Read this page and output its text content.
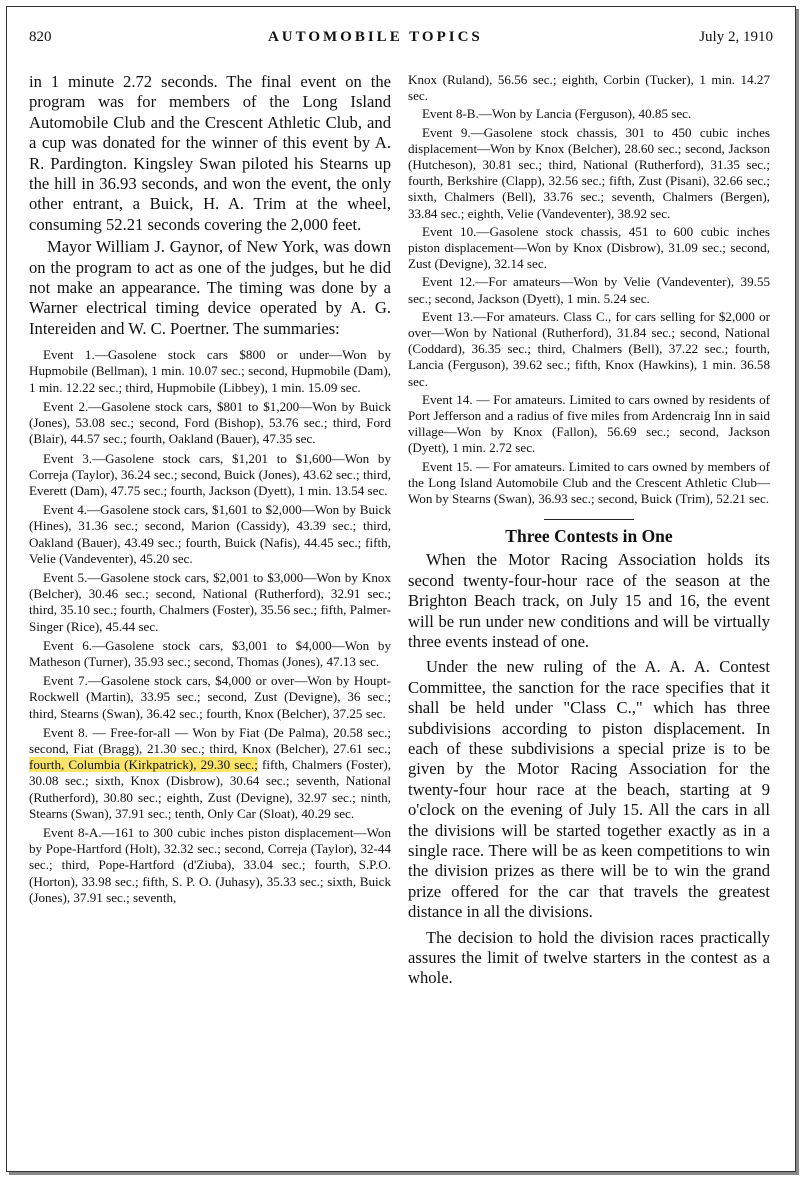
820	AUTOMOBILE TOPICS	July 2, 1910

in 1 minute 2.72 seconds. The final event on the program was for members of the Long Island Automobile Club and the Crescent Athletic Club, and a cup was donated for the winner of this event by A. R. Pardington. Kingsley Swan piloted his Stearns up the hill in 36.93 seconds, and won the event, the only other entrant, a Buick, H. A. Trim at the wheel, consuming 52.21 seconds covering the 2,000 feet.

Mayor William J. Gaynor, of New York, was down on the program to act as one of the judges, but he did not make an appearance. The timing was done by a Warner electrical timing device operated by A. G. Intereiden and W. C. Poertner. The summaries:

Event 1.—Gasolene stock cars $800 or under—Won by Hupmobile (Bellman), 1 min. 10.07 sec.; second, Hupmobile (Dam), 1 min. 12.22 sec.; third, Hupmobile (Libbey), 1 min. 15.09 sec.

Event 2.—Gasolene stock cars, $801 to $1,200—Won by Buick (Jones), 53.08 sec.; second, Ford (Bishop), 53.76 sec.; third, Ford (Blair), 44.57 sec.; fourth, Oakland (Bauer), 47.35 sec.

Event 3.—Gasolene stock cars, $1,201 to $1,600—Won by Correja (Taylor), 36.24 sec.; second, Buick (Jones), 43.62 sec.; third, Everett (Dam), 47.75 sec.; fourth, Jackson (Dyett), 1 min. 13.54 sec.

Event 4.—Gasolene stock cars, $1,601 to $2,000—Won by Buick (Hines), 31.36 sec.; second, Marion (Cassidy), 43.39 sec.; third, Oakland (Bauer), 43.49 sec.; fourth, Buick (Nafis), 44.45 sec.; fifth, Velie (Vandeventer), 45.20 sec.

Event 5.—Gasolene stock cars, $2,001 to $3,000—Won by Knox (Belcher), 30.46 sec.; second, National (Rutherford), 32.91 sec.; third, 35.10 sec.; fourth, Chalmers (Foster), 35.56 sec.; fifth, Palmer-Singer (Rice), 45.44 sec.

Event 6.—Gasolene stock cars, $3,001 to $4,000—Won by Matheson (Turner), 35.93 sec.; second, Thomas (Jones), 47.13 sec.

Event 7.—Gasolene stock cars, $4,000 or over—Won by Houpt-Rockwell (Martin), 33.95 sec.; second, Zust (Devigne), 36 sec.; third, Stearns (Swan), 36.42 sec.; fourth, Knox (Belcher), 37.25 sec.

Event 8. — Free-for-all — Won by Fiat (De Palma), 20.58 sec.; second, Fiat (Bragg), 21.30 sec.; third, Knox (Belcher), 27.61 sec.; fourth, Columbia (Kirkpatrick), 29.30 sec.; fifth, Chalmers (Foster), 30.08 sec.; sixth, Knox (Disbrow), 30.64 sec.; seventh, National (Rutherford), 30.80 sec.; eighth, Zust (Devigne), 32.97 sec.; ninth, Stearns (Swan), 37.91 sec.; tenth, Only Car (Sloat), 40.29 sec.

Event 8-A.—161 to 300 cubic inches piston displacement—Won by Pope-Hartford (Holt), 32.32 sec.; second, Correja (Taylor), 32-44 sec.; third, Pope-Hartford (d'Ziuba), 33.04 sec.; fourth, S.P.O. (Horton), 33.98 sec.; fifth, S. P. O. (Juhasy), 35.33 sec.; sixth, Buick (Jones), 37.91 sec.; seventh,

Knox (Ruland), 56.56 sec.; eighth, Corbin (Tucker), 1 min. 14.27 sec.

Event 8-B.—Won by Lancia (Ferguson), 40.85 sec.

Event 9.—Gasolene stock chassis, 301 to 450 cubic inches displacement—Won by Knox (Belcher), 28.60 sec.; second, Jackson (Hutcheson), 30.81 sec.; third, National (Rutherford), 31.35 sec.; fourth, Berkshire (Clapp), 32.56 sec.; fifth, Zust (Pisani), 32.66 sec.; sixth, Chalmers (Bell), 33.76 sec.; seventh, Chalmers (Bergen), 33.84 sec.; eighth, Velie (Vandeventer), 38.92 sec.

Event 10.—Gasolene stock chassis, 451 to 600 cubic inches piston displacement—Won by Knox (Disbrow), 31.09 sec.; second, Zust (Devigne), 32.14 sec.

Event 12.—For amateurs—Won by Velie (Vandeventer), 39.55 sec.; second, Jackson (Dyett), 1 min. 5.24 sec.

Event 13.—For amateurs. Class C., for cars selling for $2,000 or over—Won by National (Rutherford), 31.84 sec.; second, National (Coddard), 36.35 sec.; third, Chalmers (Bell), 37.22 sec.; fourth, Lancia (Ferguson), 39.62 sec.; fifth, Knox (Hawkins), 1 min. 36.58 sec.

Event 14. — For amateurs. Limited to cars owned by residents of Port Jefferson and a radius of five miles from Ardencraig Inn in said village—Won by Knox (Fallon), 56.69 sec.; second, Jackson (Dyett), 1 min. 2.72 sec.

Event 15. — For amateurs. Limited to cars owned by members of the Long Island Automobile Club and the Crescent Athletic Club—Won by Stearns (Swan), 36.93 sec.; second, Buick (Trim), 52.21 sec.

Three Contests in One

When the Motor Racing Association holds its second twenty-four-hour race of the season at the Brighton Beach track, on July 15 and 16, the event will be run under new conditions and will be virtually three events instead of one.

Under the new ruling of the A. A. A. Contest Committee, the sanction for the race specifies that it shall be held under "Class C.," which has three subdivisions according to piston displacement. In each of these subdivisions a special prize is to be given by the Motor Racing Association for the twenty-four hour race at the beach, starting at 9 o'clock on the evening of July 15. All the cars in all the divisions will be started together exactly as in a single race. There will be as keen competitions to win the division prizes as there will be to win the grand prize offered for the car that travels the greatest distance in all the divisions.

The decision to hold the division races practically assures the limit of twelve starters in the contest as a whole.
